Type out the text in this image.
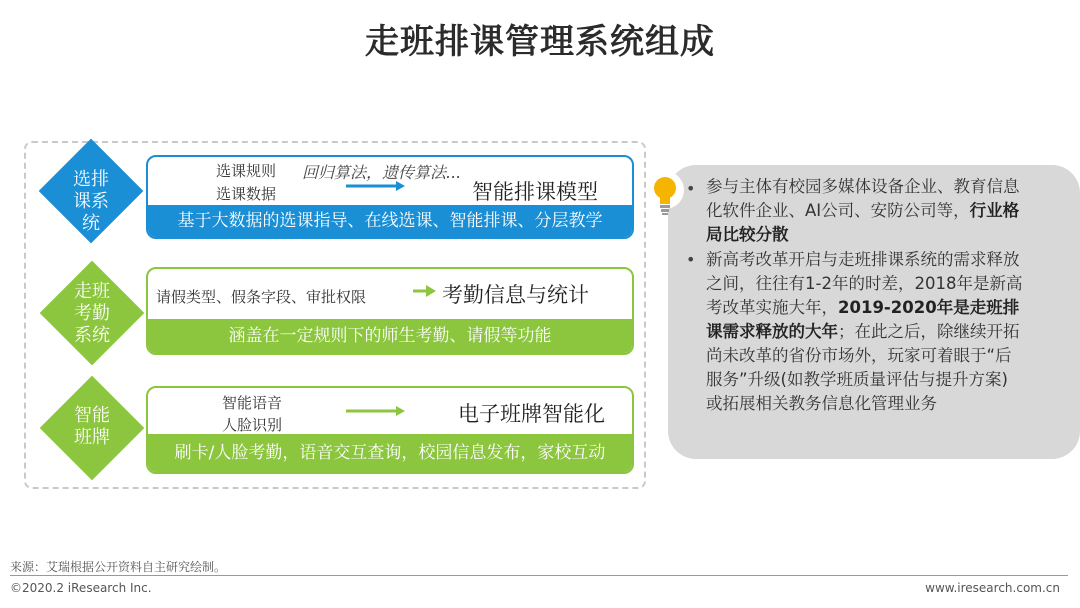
走班排课管理系统组成
选排
课系
统	基于大数据的选课指导、在线选课、智能排课、分层教学
选课规则
选课数据
回归算法，遗传算法...
智能排课模型
走班
考勤
系统	涵盖在一定规则下的师生考勤、请假等功能
请假类型、假条字段、审批权限	考勤信息与统计
智能
班牌
刷卡/人脸考勤，语音交互查询，校园信息发布，家校互动
智能语音
人脸识别	电子班牌智能化
• 参与主体有校园多媒体设备企业、教育信息
化软件企业、AI公司、安防公司等，行业格
局比较分散
• 新高考改革开启与走班排课系统的需求释放
之间，往往有1-2年的时差，2018年是新高
考改革实施大年，2019-2020年是走班排
课需求释放的大年；在此之后，除继续开拓
尚未改革的省份市场外，玩家可着眼于“后
服务”升级(如教学班质量评估与提升方案)
或拓展相关教务信息化管理业务
来源：艾瑞根据公开资料自主研究绘制。
©2020.2 iResearch Inc.	www.iresearch.com.cn
